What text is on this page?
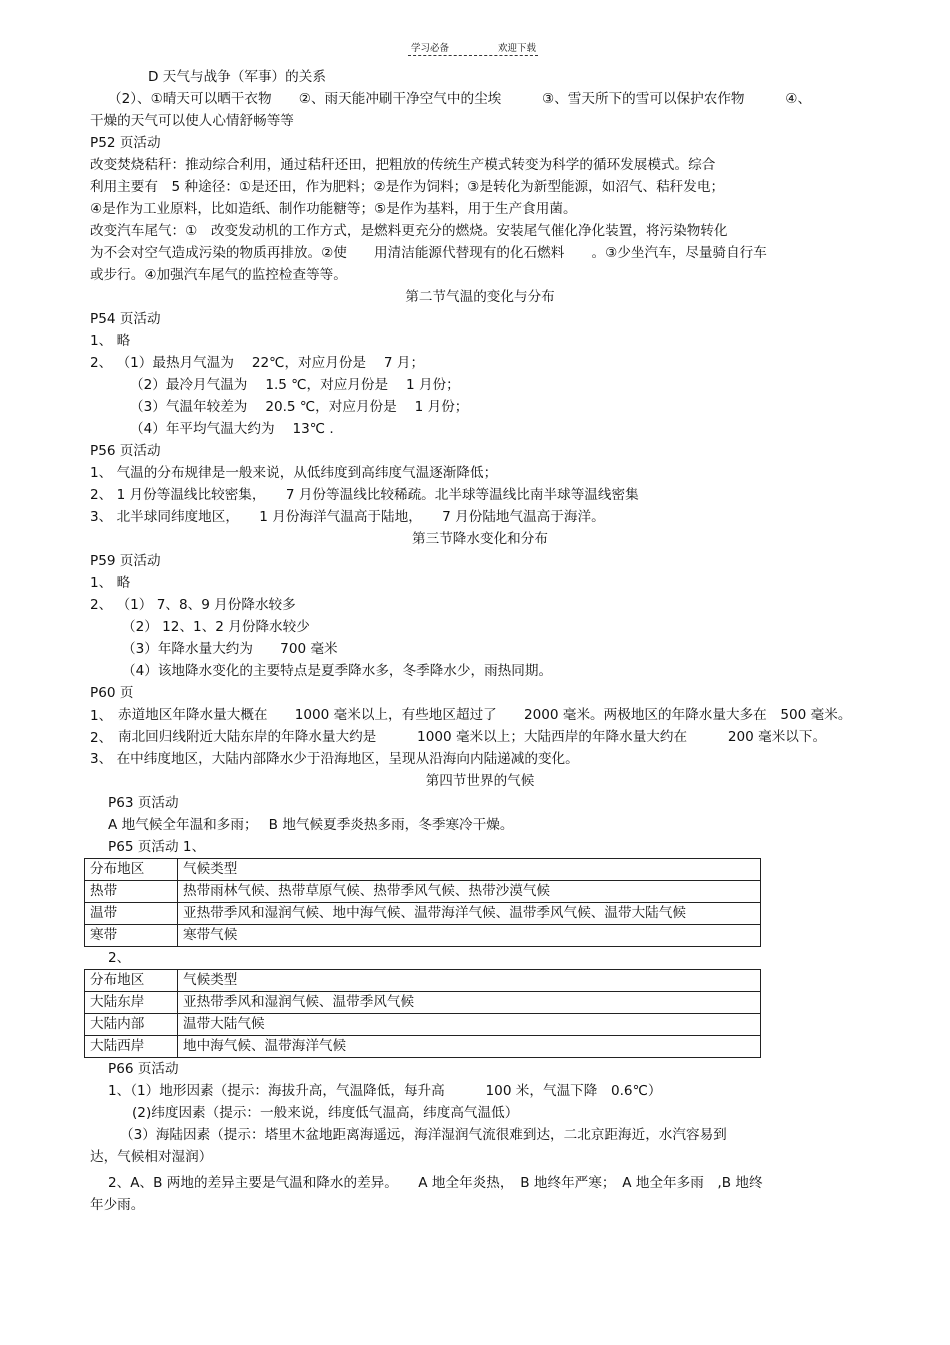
学习必备	欢迎下载
D 天气与战争（军事）的关系
（2）、①晴天可以晒干衣物　　②、雨天能冲刷干净空气中的尘埃　　　③、雪天所下的雪可以保护农作物　　　④、
干燥的天气可以使人心情舒畅等等
P52 页活动
改变焚烧秸秆：推动综合利用，通过秸秆还田，把粗放的传统生产模式转变为科学的循环发展模式。综合
利用主要有　5 种途径：①是还田，作为肥料；②是作为饲料；③是转化为新型能源，如沼气、秸秆发电；
④是作为工业原料，比如造纸、制作功能糖等；⑤是作为基料，用于生产食用菌。
改变汽车尾气：①　改变发动机的工作方式，是燃料更充分的燃烧。安装尾气催化净化装置，将污染物转化
为不会对空气造成污染的物质再排放。②使　　用清洁能源代替现有的化石燃料　　。③少坐汽车，尽量骑自行车
或步行。④加强汽车尾气的监控检查等等。
第二节气温的变化与分布
P54 页活动
1、 略
2、 （1）最热月气温为　 22℃，对应月份是　 7 月；
（2）最冷月气温为　 1.5 ℃，对应月份是　 1 月份；
（3）气温年较差为　 20.5 ℃，对应月份是　 1 月份；
（4）年平均气温大约为　 13℃ .
P56 页活动
1、 气温的分布规律是一般来说，从低纬度到高纬度气温逐渐降低；
2、 1 月份等温线比较密集，　　7 月份等温线比较稀疏。北半球等温线比南半球等温线密集
3、 北半球同纬度地区，　　1 月份海洋气温高于陆地，　　7 月份陆地气温高于海洋。
第三节降水变化和分布
P59 页活动
1、 略
2、 （1） 7、8、9 月份降水较多
（2） 12、1、2 月份降水较少
（3）年降水量大约为　　700 毫米
（4）该地降水变化的主要特点是夏季降水多，冬季降水少，雨热同期。
P60 页
1、 赤道地区年降水量大概在　　1000 毫米以上，有些地区超过了　　2000 毫米。两极地区的年降水量大多在　500 毫米。
2、 南北回归线附近大陆东岸的年降水量大约是　　　1000 毫米以上；大陆西岸的年降水量大约在　　　200 毫米以下。
3、 在中纬度地区，大陆内部降水少于沿海地区，呈现从沿海向内陆递减的变化。
第四节世界的气候
P63 页活动
A 地气候全年温和多雨；　 B 地气候夏季炎热多雨，冬季寒冷干燥。
P65 页活动 1、
分布地区	气候类型
热带	热带雨林气候、热带草原气候、热带季风气候、热带沙漠气候
温带	亚热带季风和湿润气候、地中海气候、温带海洋气候、温带季风气候、温带大陆气候
寒带	寒带气候
2、
分布地区	气候类型
大陆东岸	亚热带季风和湿润气候、温带季风气候
大陆内部	温带大陆气候
大陆西岸	地中海气候、温带海洋气候
P66 页活动
1、（1）地形因素（提示：海拔升高，气温降低，每升高　　　100 米，气温下降　0.6℃）
(2)纬度因素（提示：一般来说，纬度低气温高，纬度高气温低）
（3）海陆因素（提示：塔里木盆地距离海遥远，海洋湿润气流很难到达，二北京距海近，水汽容易到
达，气候相对湿润）
2、A、B 两地的差异主要是气温和降水的差异。　　A 地全年炎热，　B 地终年严寒；　A 地全年多雨　,B 地终
年少雨。
